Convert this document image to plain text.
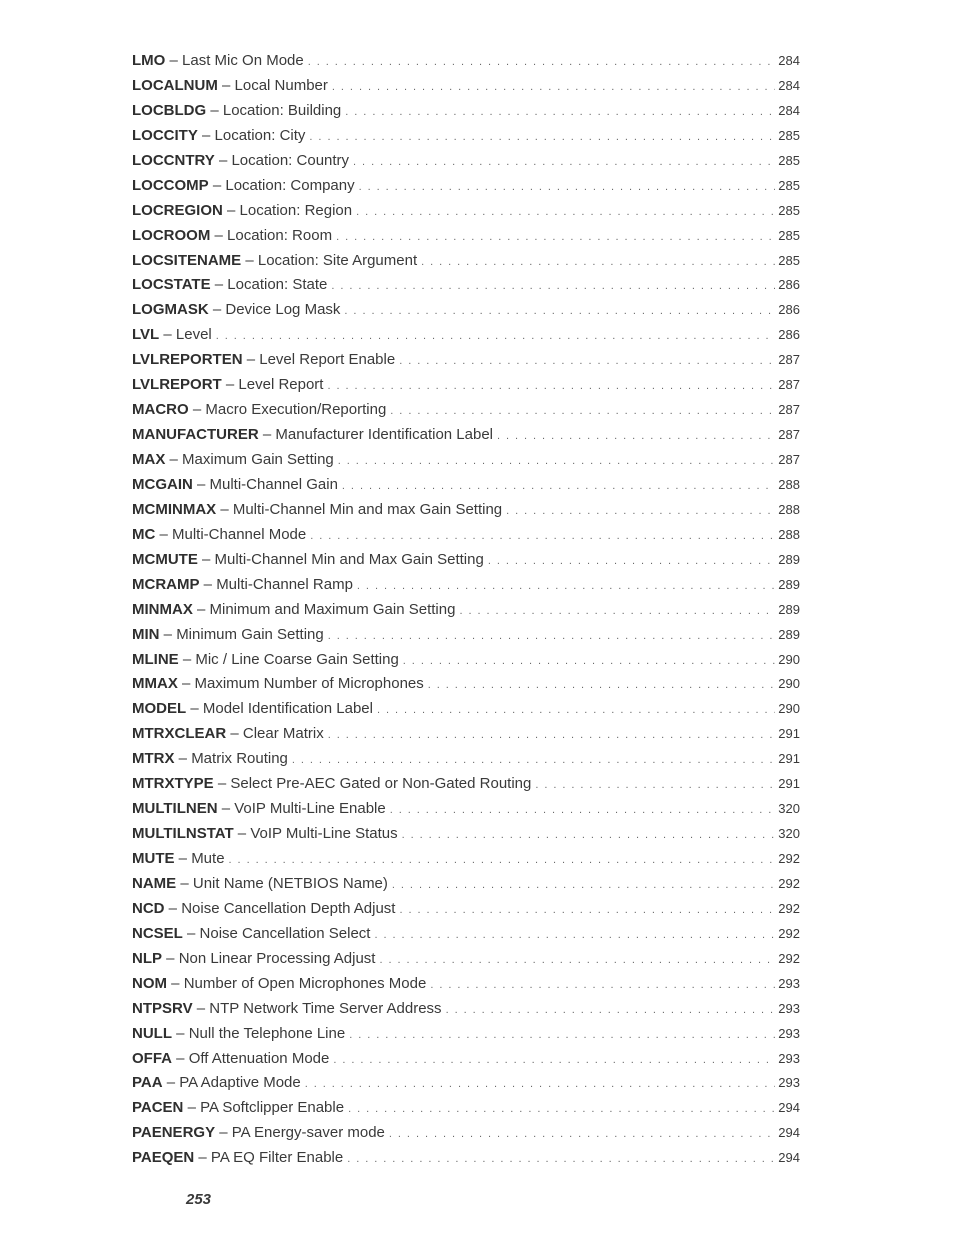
LMO – Last Mic On Mode . . .	284
LOCALNUM – Local Number . . .	284
LOCBLDG – Location: Building . . .	284
LOCCITY – Location: City . . .	285
LOCCNTRY – Location: Country . . .	285
LOCCOMP – Location: Company . . .	285
LOCREGION – Location: Region . . .	285
LOCROOM – Location: Room . . .	285
LOCSITENAME – Location: Site Argument . . .	285
LOCSTATE – Location: State . . .	286
LOGMASK – Device Log Mask . . .	286
LVL – Level . . .	286
LVLREPORTEN – Level Report Enable . . .	287
LVLREPORT – Level Report . . .	287
MACRO – Macro Execution/Reporting . . .	287
MANUFACTURER – Manufacturer Identification Label . . .	287
MAX – Maximum Gain Setting . . .	287
MCGAIN – Multi-Channel Gain . . .	288
MCMINMAX – Multi-Channel Min and max Gain Setting . . .	288
MC – Multi-Channel Mode . . .	288
MCMUTE – Multi-Channel Min and Max Gain Setting . . .	289
MCRAMP – Multi-Channel Ramp . . .	289
MINMAX – Minimum and Maximum Gain Setting . . .	289
MIN – Minimum Gain Setting . . .	289
MLINE – Mic / Line Coarse Gain Setting . . .	290
MMAX – Maximum Number of Microphones . . .	290
MODEL – Model Identification Label . . .	290
MTRXCLEAR – Clear Matrix . . .	291
MTRX – Matrix Routing . . .	291
MTRXTYPE – Select Pre-AEC Gated or Non-Gated Routing . . .	291
MULTILNEN – VoIP Multi-Line Enable . . .	320
MULTILNSTAT – VoIP Multi-Line Status . . .	320
MUTE – Mute . . .	292
NAME – Unit Name (NETBIOS Name) . . .	292
NCD – Noise Cancellation Depth Adjust . . .	292
NCSEL – Noise Cancellation Select . . .	292
NLP – Non Linear Processing Adjust . . .	292
NOM – Number of Open Microphones Mode . . .	293
NTPSRV – NTP Network Time Server Address . . .	293
NULL – Null the Telephone Line . . .	293
OFFA – Off Attenuation Mode . . .	293
PAA – PA Adaptive Mode . . .	293
PACEN – PA Softclipper Enable . . .	294
PAENERGY – PA Energy-saver mode . . .	294
PAEQEN – PA EQ Filter Enable . . .	294
253
